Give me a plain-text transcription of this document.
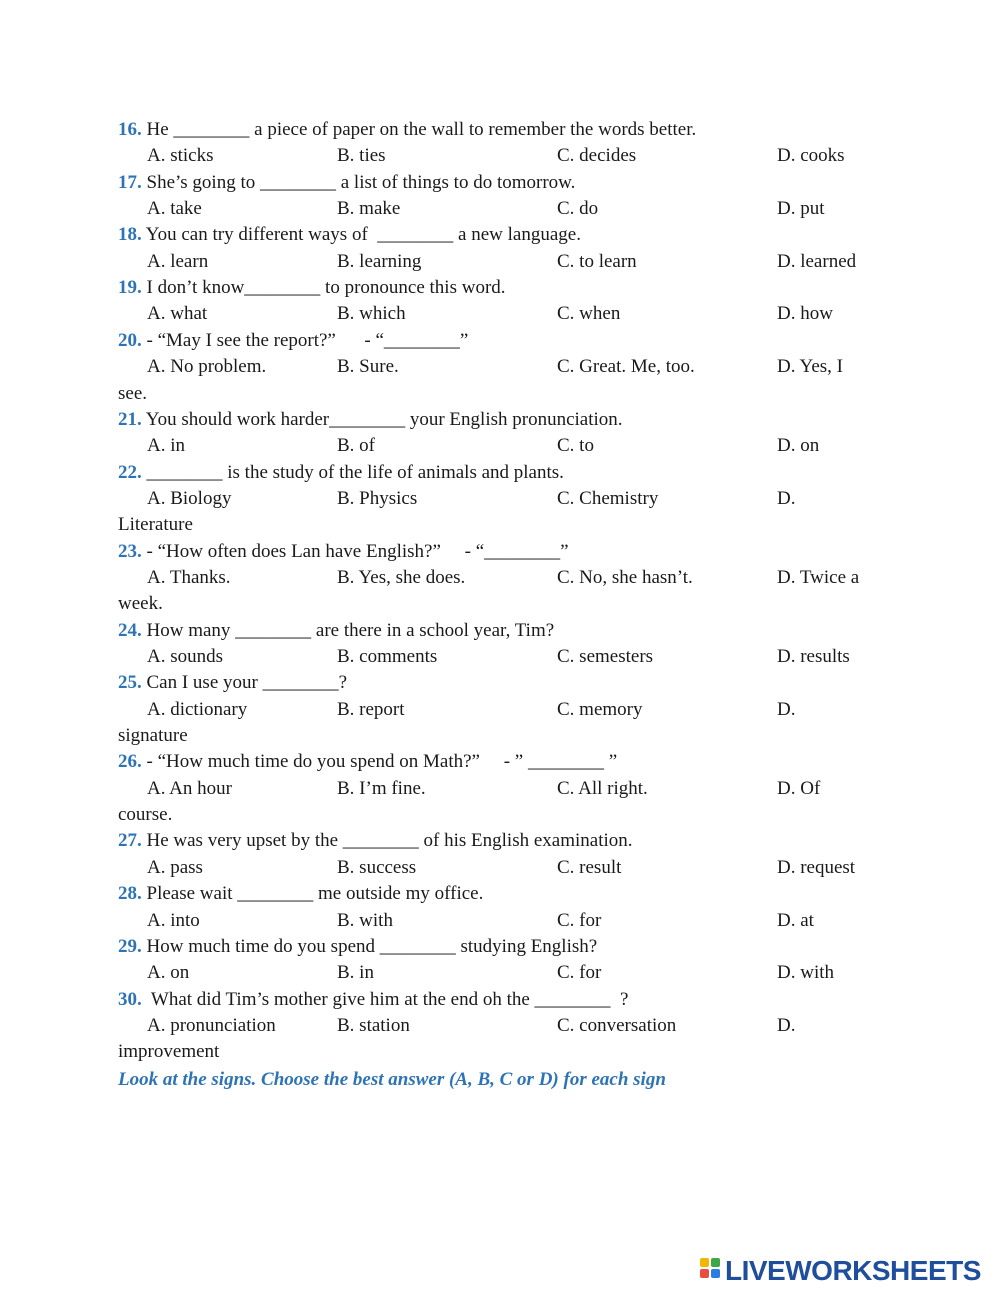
16. He ________ a piece of paper on the wall to remember the words better.
A. sticks	B. ties	C. decides	D. cooks
17. She’s going to ________ a list of things to do tomorrow.
A. take	B. make	C. do	D. put
18. You can try different ways of  ________ a new language.
A. learn	B. learning	C. to learn	D. learned
19. I don’t know________ to pronounce this word.
A. what	B. which	C. when	D. how
20. - “May I see the report?”      - “________”
A. No problem.	B. Sure.	C. Great. Me, too.	D. Yes, I
see.
21. You should work harder________ your English pronunciation.
A. in	B. of	C. to	D. on
22. ________ is the study of the life of animals and plants.
A. Biology	B. Physics	C. Chemistry	D.
Literature
23. - “How often does Lan have English?”     - “________”
A. Thanks.	B. Yes, she does.	C. No, she hasn’t.	D. Twice a
week.
24. How many ________ are there in a school year, Tim?
A. sounds	B. comments	C. semesters	D. results
25. Can I use your ________?
A. dictionary	B. report	C. memory	D.
signature
26. - “How much time do you spend on Math?”     - ” ________ ”
A. An hour	B. I’m fine.	C. All right.	D. Of
course.
27. He was very upset by the ________ of his English examination.
A. pass	B. success	C. result	D. request
28. Please wait ________ me outside my office.
A. into	B. with	C. for	D. at
29. How much time do you spend ________ studying English?
A. on	B. in	C. for	D. with
30.  What did Tim’s mother give him at the end oh the ________  ?
A. pronunciation	B. station	C. conversation	D.
improvement
Look at the signs. Choose the best answer (A, B, C or D) for each sign
LIVEWORKSHEETS
